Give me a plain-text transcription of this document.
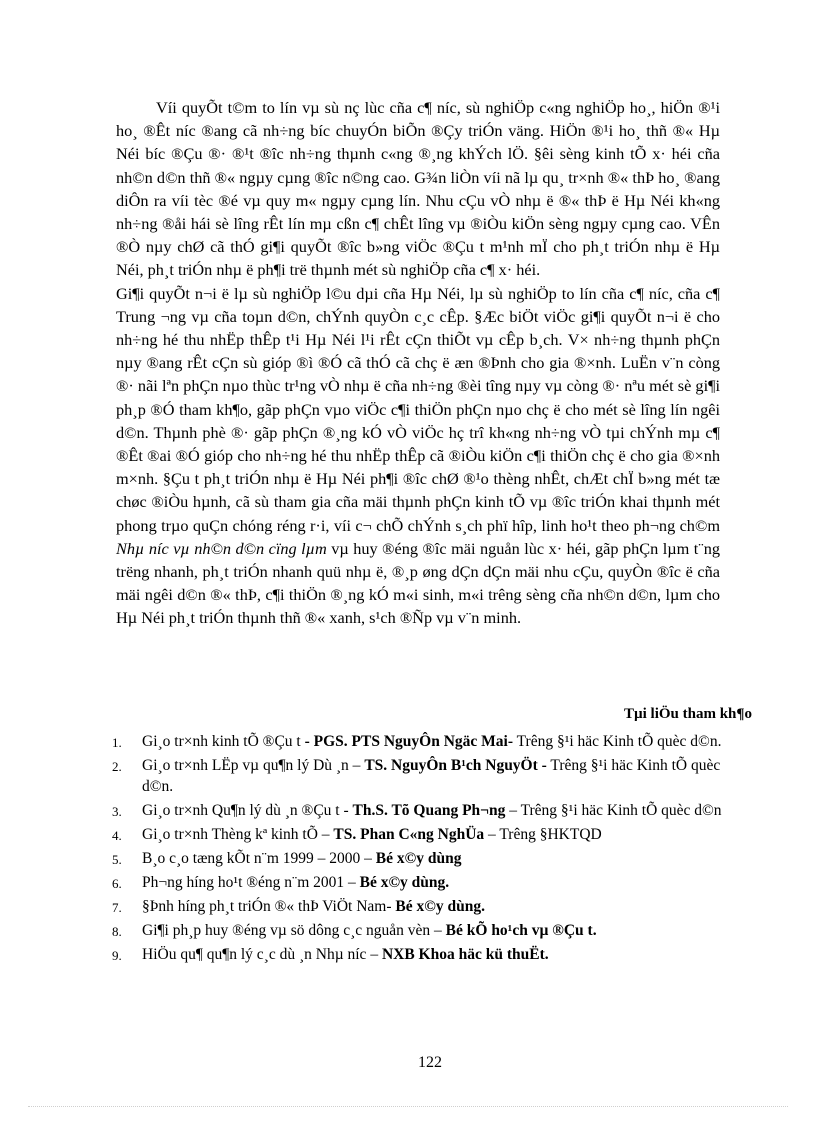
Víi quyÕt t©m to lín vµ sù nç lùc cña c¶ níc, sù nghiÖp c«ng nghiÖp ho¸, hiÖn ®¹i ho¸ ®Êt níc ®ang cã nh÷ng bíc chuyÓn biÕn ®Çy triÓn väng. HiÖn ®¹i ho¸ thñ ®« Hµ Néi bíc ®Çu ®· ®¹t ®îc nh÷ng thµnh c«ng ®¸ng khÝch lÖ. §êi sèng kinh tÕ x· héi cña nh©n d©n thñ ®« ngµy cµng ®îc n©ng cao. G¾n liÒn víi nã lµ qu¸ tr×nh ®« thÞ ho¸ ®ang diÔn ra víi tèc ®é vµ quy m« ngµy cµng lín. Nhu cÇu vÒ nhµ ë ®« thÞ ë Hµ Néi kh«ng nh÷ng ®åi hái sè lîng rÊt lín mµ cßn c¶ chÊt lîng vµ ®iÒu kiÖn sèng ngµy cµng cao. VÊn ®Ò nµy chØ cã thÓ gi¶i quyÕt ®îc b»ng viÖc ®Çu t m¹nh mÏ cho ph¸t triÓn nhµ ë Hµ Néi, ph¸t triÓn nhµ ë ph¶i trë thµnh mét sù nghiÖp cña c¶ x· héi.

Gi¶i quyÕt n¬i ë lµ sù nghiÖp l©u dµi cña Hµ Néi, lµ sù nghiÖp to lín cña c¶ níc, cña c¶ Trung ¬ng vµ cña toµn d©n, chÝnh quyÒn c¸c cÊp. §Æc biÖt viÖc gi¶i quyÕt n¬i ë cho nh÷ng hé thu nhËp thÊp t¹i Hµ Néi l¹i rÊt cÇn thiÕt vµ cÊp b¸ch. V× nh÷ng thµnh phÇn nµy ®ang rÊt cÇn sù gióp ®ì ®Ó cã thÓ cã chç ë æn ®Þnh cho gia ®×nh. LuËn v¨n còng ®· nãi lªn phÇn nµo thùc tr¹ng vÒ nhµ ë cña nh÷ng ®èi tîng nµy vµ còng ®· nªu mét sè gi¶i ph¸p ®Ó tham kh¶o, gãp phÇn vµo viÖc c¶i thiÖn phÇn nµo chç ë cho mét sè lîng lín ngêi d©n. Thµnh phè ®· gãp phÇn ®¸ng kÓ vÒ viÖc hç trî kh«ng nh÷ng vÒ tµi chÝnh mµ c¶ ®Êt ®ai ®Ó gióp cho nh÷ng hé thu nhËp thÊp cã ®iÒu kiÖn c¶i thiÖn chç ë cho gia ®×nh m×nh. §Çu t ph¸t triÓn nhµ ë Hµ Néi ph¶i ®îc chØ ®¹o thèng nhÊt, chÆt chÏ b»ng mét tæ chøc ®iÒu hµnh, cã sù tham gia cña mäi thµnh phÇn kinh tÕ vµ ®îc triÓn khai thµnh mét phong trµo quÇn chóng réng r·i, víi c¬ chÕ chÝnh s¸ch phï hîp, linh ho¹t theo ph¬ng ch©m Nhµ níc vµ nh©n d©n cïng lµm vµ huy ®éng ®îc mäi nguån lùc x· héi, gãp phÇn lµm t¨ng trëng nhanh, ph¸t triÓn nhanh quü nhµ ë, ®¸p øng dÇn dÇn mäi nhu cÇu, quyÒn ®îc ë cña mäi ngêi d©n ®« thÞ, c¶i thiÖn ®¸ng kÓ m«i sinh, m«i trêng sèng cña nh©n d©n, lµm cho Hµ Néi ph¸t triÓn thµnh thñ ®« xanh, s¹ch ®Ñp vµ v¨n minh.

Tµi liÖu tham kh¶o
1. Gi¸o tr×nh kinh tÕ ®Çu t - PGS. PTS NguyÔn Ngäc Mai- Trêng §¹i häc Kinh tÕ quèc d©n.
2. Gi¸o tr×nh LËp vµ qu¶n lý Dù ¸n – TS. NguyÔn B¹ch NguyÖt - Trêng §¹i häc Kinh tÕ quèc d©n.
3. Gi¸o tr×nh Qu¶n lý dù ¸n ®Çu t - Th.S. Tõ Quang Ph¬ng – Trêng §¹i häc Kinh tÕ quèc d©n
4. Gi¸o tr×nh Thèng kª kinh tÕ – TS. Phan C«ng NghÜa – Trêng §HKTQD
5. B¸o c¸o tæng kÕt n¨m 1999 – 2000 – Bé x©y dùng
6. Ph¬ng híng ho¹t ®éng n¨m 2001 – Bé x©y dùng.
7. §Þnh híng ph¸t triÓn ®« thÞ ViÖt Nam- Bé x©y dùng.
8. Gi¶i ph¸p huy ®éng vµ sö dông c¸c nguån vèn – Bé kÕ ho¹ch vµ ®Çu t.
9. HiÖu qu¶ qu¶n lý c¸c dù ¸n Nhµ níc – NXB Khoa häc kü thuËt.
122
